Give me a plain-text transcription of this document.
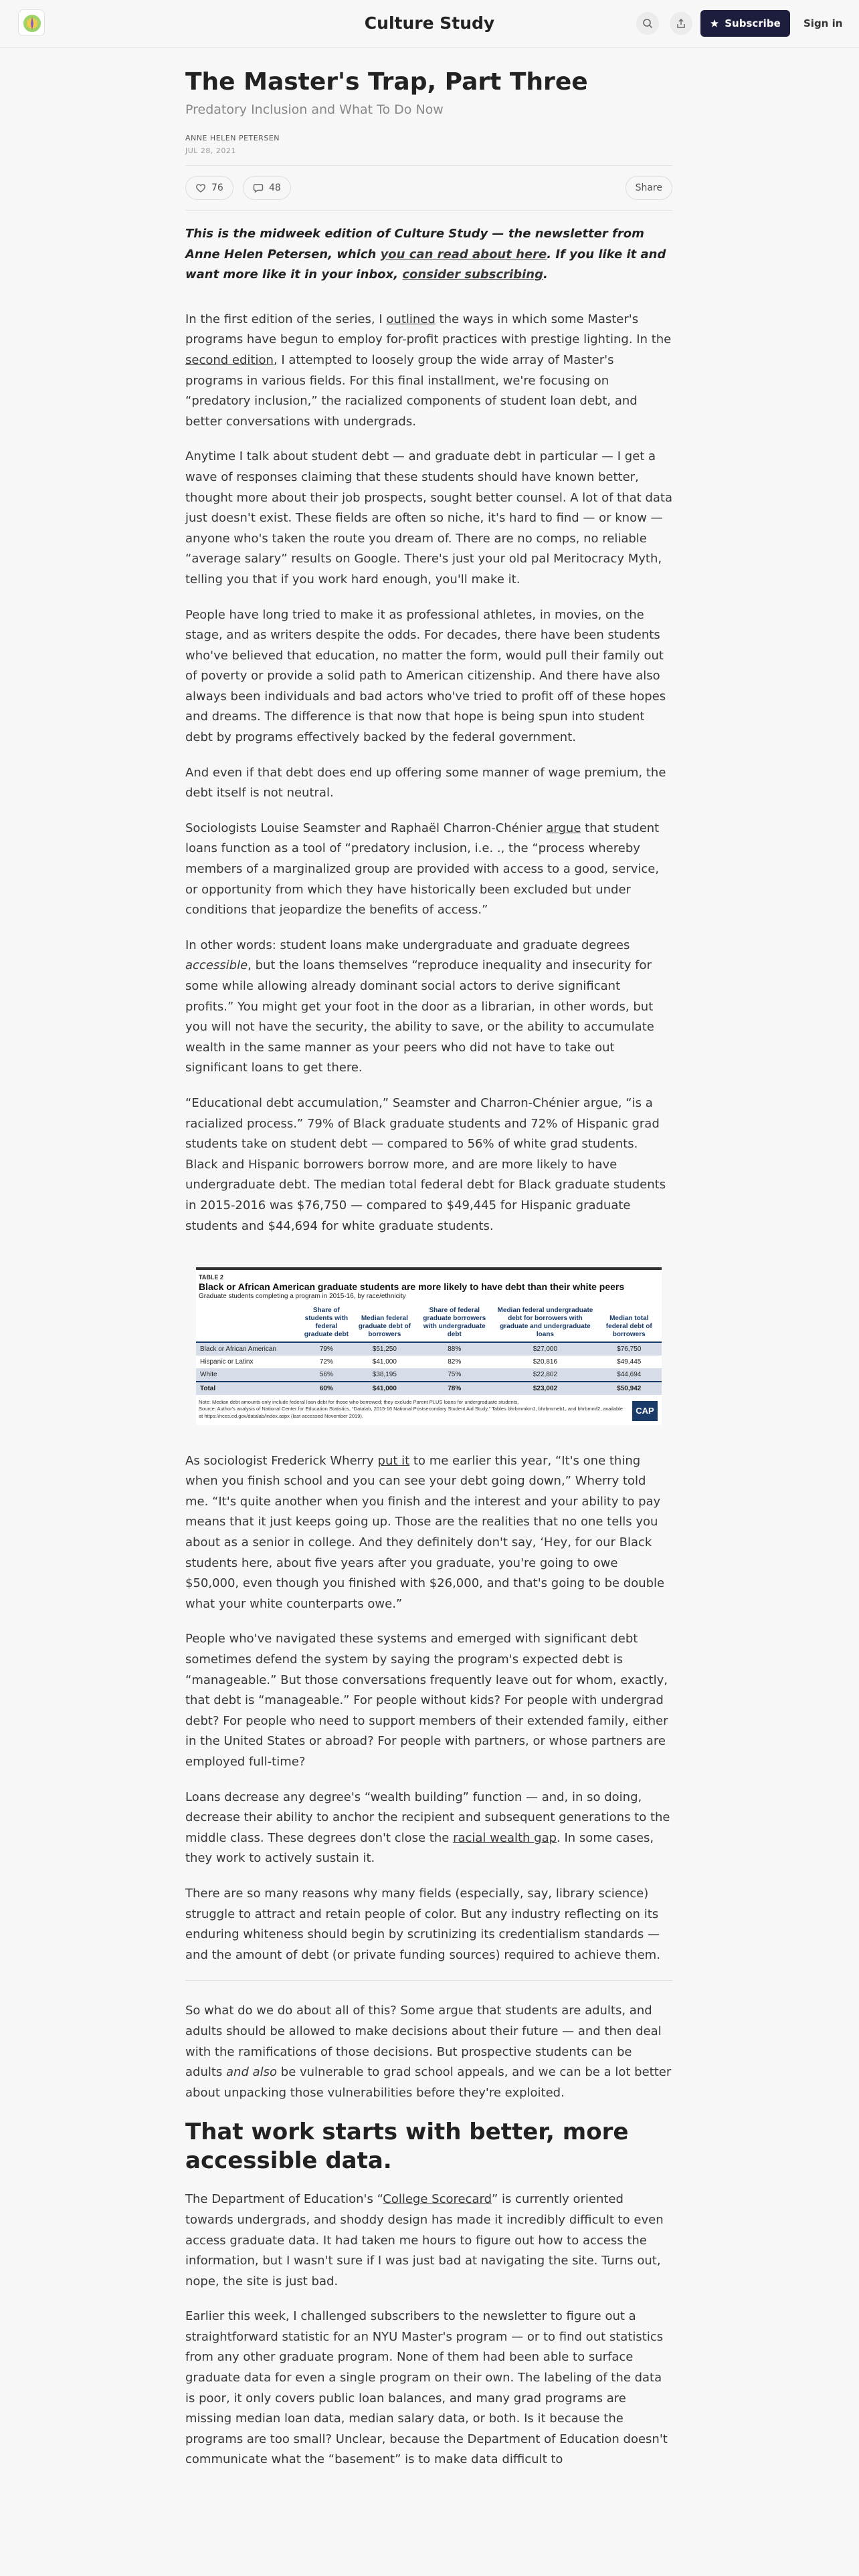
Culture Study	Subscribe Sign in
The Master's Trap, Part Three
Predatory Inclusion and What To Do Now
ANNE HELEN PETERSEN
JUL 28, 2021
76	48	Share

This is the midweek edition of Culture Study — the newsletter from Anne Helen Petersen, which you can read about here. If you like it and want more like it in your inbox, consider subscribing.

In the first edition of the series, I outlined the ways in which some Master's programs have begun to employ for-profit practices with prestige lighting. In the second edition, I attempted to loosely group the wide array of Master's programs in various fields. For this final installment, we're focusing on “predatory inclusion,” the racialized components of student loan debt, and better conversations with undergrads.

Anytime I talk about student debt — and graduate debt in particular — I get a wave of responses claiming that these students should have known better, thought more about their job prospects, sought better counsel. A lot of that data just doesn't exist. These fields are often so niche, it's hard to find — or know — anyone who's taken the route you dream of. There are no comps, no reliable “average salary” results on Google. There's just your old pal Meritocracy Myth, telling you that if you work hard enough, you'll make it.

People have long tried to make it as professional athletes, in movies, on the stage, and as writers despite the odds. For decades, there have been students who've believed that education, no matter the form, would pull their family out of poverty or provide a solid path to American citizenship. And there have also always been individuals and bad actors who've tried to profit off of these hopes and dreams. The difference is that now that hope is being spun into student debt by programs effectively backed by the federal government.

And even if that debt does end up offering some manner of wage premium, the debt itself is not neutral.

Sociologists Louise Seamster and Raphaël Charron-Chénier argue that student loans function as a tool of “predatory inclusion, i.e. ., the “process whereby members of a marginalized group are provided with access to a good, service, or opportunity from which they have historically been excluded but under conditions that jeopardize the benefits of access.”

In other words: student loans make undergraduate and graduate degrees accessible, but the loans themselves “reproduce inequality and insecurity for some while allowing already dominant social actors to derive significant profits.” You might get your foot in the door as a librarian, in other words, but you will not have the security, the ability to save, or the ability to accumulate wealth in the same manner as your peers who did not have to take out significant loans to get there.

“Educational debt accumulation,” Seamster and Charron-Chénier argue, “is a racialized process.” 79% of Black graduate students and 72% of Hispanic grad students take on student debt — compared to 56% of white grad students. Black and Hispanic borrowers borrow more, and are more likely to have undergraduate debt. The median total federal debt for Black graduate students in 2015-2016 was $76,750 — compared to $49,445 for Hispanic graduate students and $44,694 for white graduate students.

TABLE 2
Black or African American graduate students are more likely to have debt than their white peers
Graduate students completing a program in 2015-16, by race/ethnicity
	Share of students with federal graduate debt	Median federal graduate debt of borrowers	Share of federal graduate borrowers with undergraduate debt	Median federal undergraduate debt for borrowers with graduate and undergraduate loans	Median total federal debt of borrowers
Black or African American	79%	$51,250	88%	$27,000	$76,750
Hispanic or Latinx	72%	$41,000	82%	$20,816	$49,445
White	56%	$38,195	75%	$22,802	$44,694
Total	60%	$41,000	78%	$23,002	$50,942
Note: Median debt amounts only include federal loan debt for those who borrowed; they exclude Parent PLUS loans for undergraduate students.
Source: Author's analysis of National Center for Education Statistics, “Datalab, 2015-16 National Postsecondary Student Aid Study,” Tables bhrbmmkm1, bhrbmmeb1, and bhrbmmf2, available at https://nces.ed.gov/datalab/index.aspx (last accessed November 2019).
CAP

As sociologist Frederick Wherry put it to me earlier this year, “It's one thing when you finish school and you can see your debt going down,” Wherry told me. “It's quite another when you finish and the interest and your ability to pay means that it just keeps going up. Those are the realities that no one tells you about as a senior in college. And they definitely don't say, ‘Hey, for our Black students here, about five years after you graduate, you're going to owe $50,000, even though you finished with $26,000, and that's going to be double what your white counterparts owe.”

People who've navigated these systems and emerged with significant debt sometimes defend the system by saying the program's expected debt is “manageable.” But those conversations frequently leave out for whom, exactly, that debt is “manageable.” For people without kids? For people with undergrad debt? For people who need to support members of their extended family, either in the United States or abroad? For people with partners, or whose partners are employed full-time?

Loans decrease any degree's “wealth building” function — and, in so doing, decrease their ability to anchor the recipient and subsequent generations to the middle class. These degrees don't close the racial wealth gap. In some cases, they work to actively sustain it.

There are so many reasons why many fields (especially, say, library science) struggle to attract and retain people of color. But any industry reflecting on its enduring whiteness should begin by scrutinizing its credentialism standards — and the amount of debt (or private funding sources) required to achieve them.

So what do we do about all of this? Some argue that students are adults, and adults should be allowed to make decisions about their future — and then deal with the ramifications of those decisions. But prospective students can be adults and also be vulnerable to grad school appeals, and we can be a lot better about unpacking those vulnerabilities before they're exploited.

That work starts with better, more accessible data.

The Department of Education's “College Scorecard” is currently oriented towards undergrads, and shoddy design has made it incredibly difficult to even access graduate data. It had taken me hours to figure out how to access the information, but I wasn't sure if I was just bad at navigating the site. Turns out, nope, the site is just bad.

Earlier this week, I challenged subscribers to the newsletter to figure out a straightforward statistic for an NYU Master's program — or to find out statistics from any other graduate program. None of them had been able to surface graduate data for even a single program on their own. The labeling of the data is poor, it only covers public loan balances, and many grad programs are missing median loan data, median salary data, or both. Is it because the programs are too small? Unclear, because the Department of Education doesn't communicate what the “basement” is to make data difficult to
